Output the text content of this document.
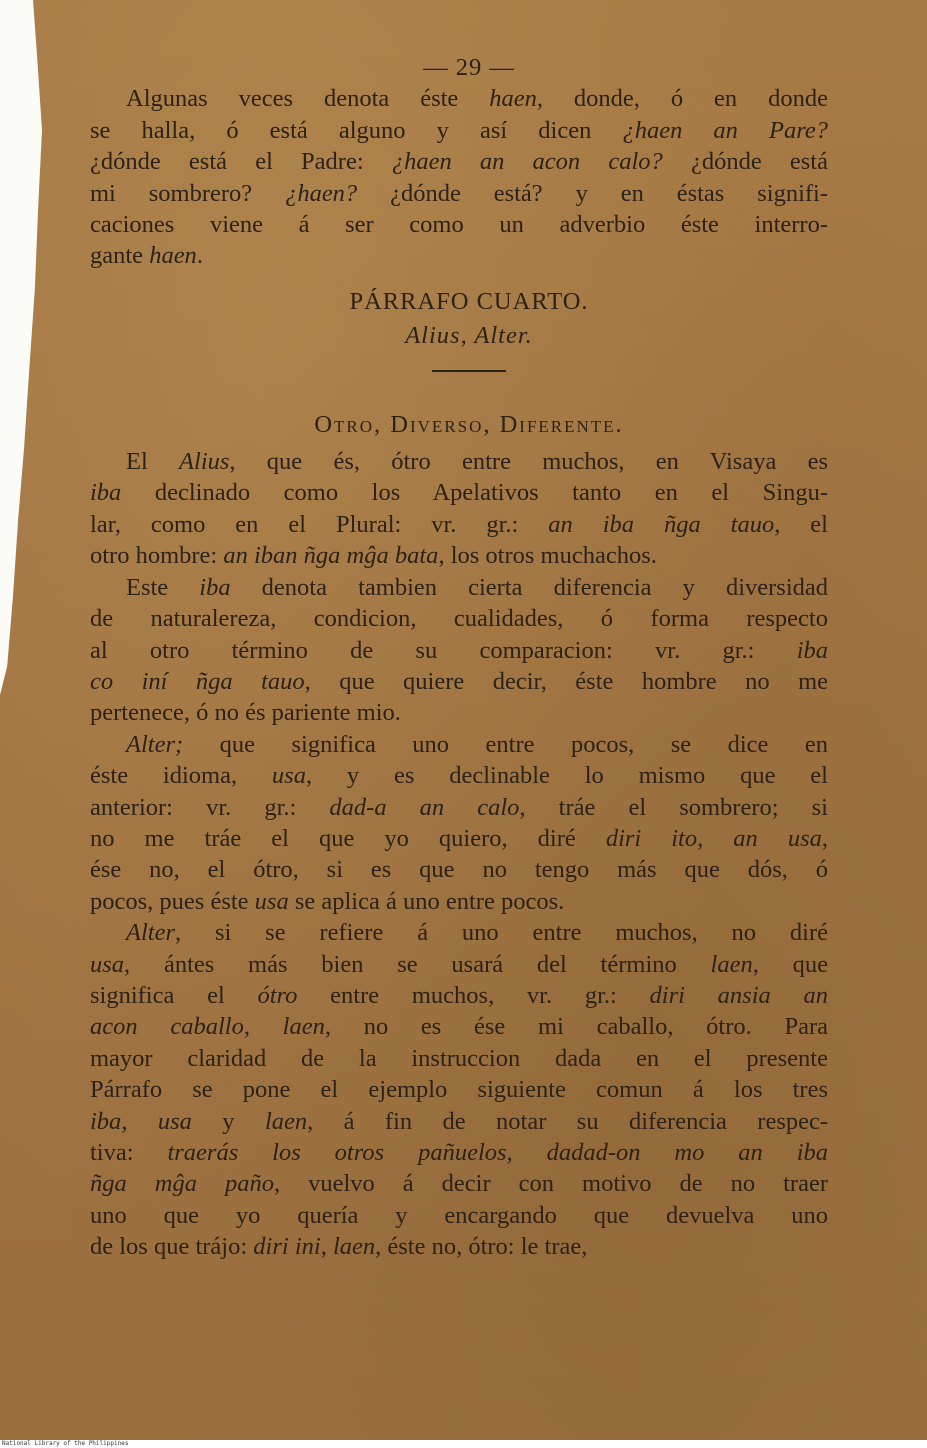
— 29 —

Algunas veces denota éste haen, donde, ó en donde
se halla, ó está alguno y así dicen ¿haen an Pare?
¿dónde está el Padre: ¿haen an acon calo? ¿dónde está
mi sombrero? ¿haen? ¿dónde está? y en éstas signifi-
caciones viene á ser como un adverbio éste interro-
gante haen.

PÁRRAFO CUARTO.
Alius, Alter.
Otro, Diverso, Diferente.

El Alius, que és, ótro entre muchos, en Visaya es
iba declinado como los Apelativos tanto en el Singu-
lar, como en el Plural: vr. gr.: an iba ñga tauo, el
otro hombre: an iban ñga mĝa bata, los otros muchachos.

Este iba denota tambien cierta diferencia y diversidad
de naturalereza, condicion, cualidades, ó forma respecto
al otro término de su comparacion: vr. gr.: iba
co iní ñga tauo, que quiere decir, éste hombre no me
pertenece, ó no és pariente mio.

Alter; que significa uno entre pocos, se dice en
éste idioma, usa, y es declinable lo mismo que el
anterior: vr. gr.: dad-a an calo, tráe el sombrero; si
no me tráe el que yo quiero, diré diri ito, an usa,
ése no, el ótro, si es que no tengo más que dós, ó
pocos, pues éste usa se aplica á uno entre pocos.

Alter, si se refiere á uno entre muchos, no diré
usa, ántes más bien se usará del término laen, que
significa el ótro entre muchos, vr. gr.: diri ansia an
acon caballo, laen, no es ése mi caballo, ótro. Para
mayor claridad de la instruccion dada en el presente
Párrafo se pone el ejemplo siguiente comun á los tres
iba, usa y laen, á fin de notar su diferencia respec-
tiva: traerás los otros pañuelos, dadad-on mo an iba
ñga mĝa paño, vuelvo á decir con motivo de no traer
uno que yo quería y encargando que devuelva uno
de los que trájo: diri ini, laen, éste no, ótro: le trae,

National Library of the Philippines
